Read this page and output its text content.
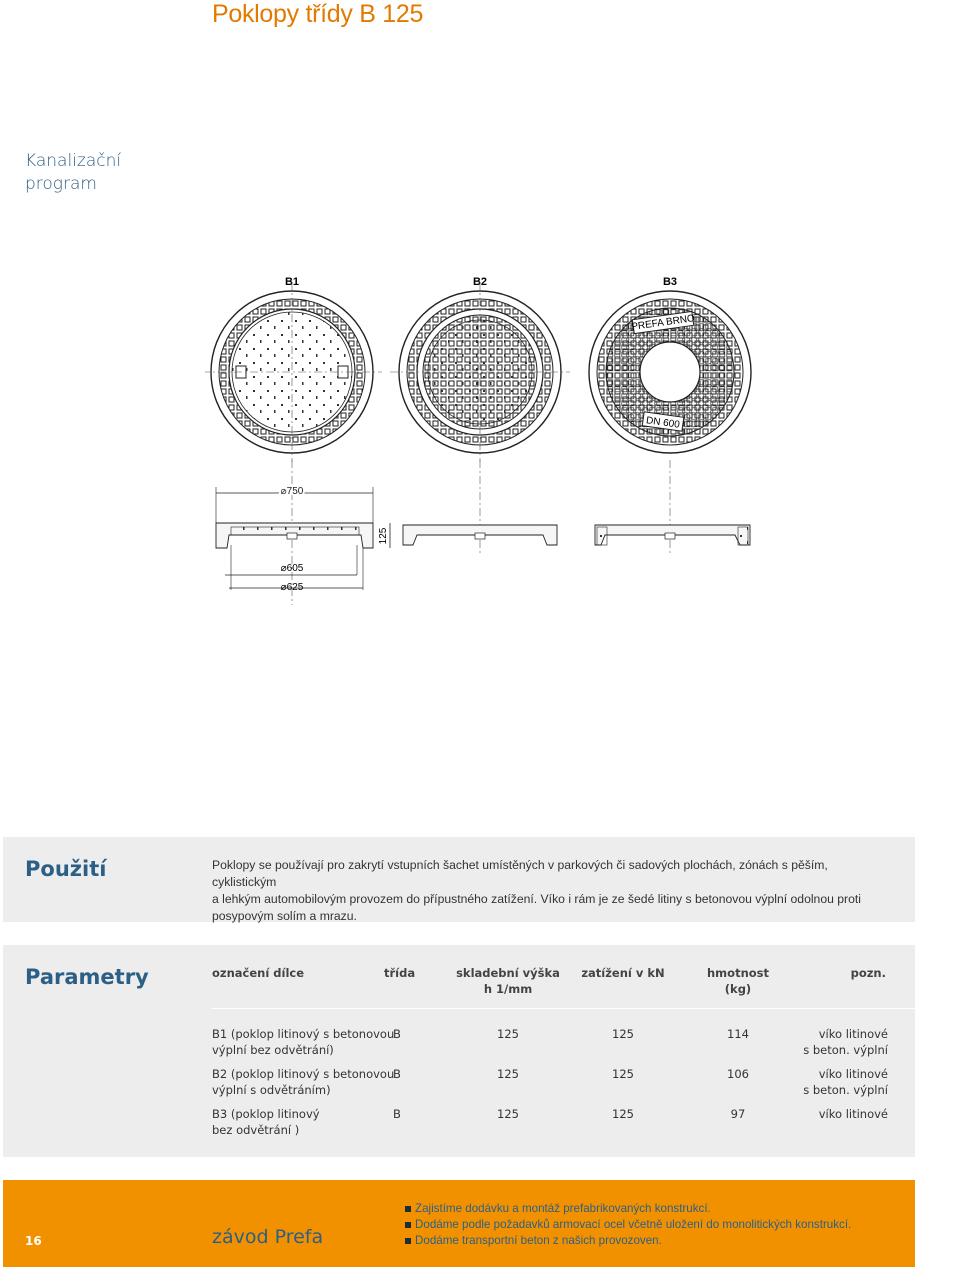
Poklopy třídy B 125
Kanalizační
program
B1	B2	B3
PREFA BRNO
DN 600
⌀750
125
⌀605
⌀625
Použití	Poklopy se používají pro zakrytí vstupních šachet umístěných v parkových či sadových plochách, zónách s pěším, cyklistickým
a lehkým automobilovým provozem do přípustného zatížení. Víko i rám je ze šedé litiny s betonovou výplní odolnou proti
posypovým solím a mrazu.
Parametry	označení dílce	třída	skladební výška
h 1/mm
zatížení v kN	hmotnost
(kg)
pozn.
B1 (poklop litinový s betonovou
výplní bez odvětrání)
B	125	125	114	víko litinové
s beton. výplní
B2 (poklop litinový s betonovou
výplní s odvětráním)
B	125	125	106	víko litinové
s beton. výplní
B3 (poklop litinový
bez odvětrání )
B	125	125	97	víko litinové
16	závod Prefa
Zajistíme dodávku a montáž prefabrikovaných konstrukcí.
Dodáme podle požadavků armovací ocel včetně uložení do monolitických konstrukcí.
Dodáme transportní beton z našich provozoven.
